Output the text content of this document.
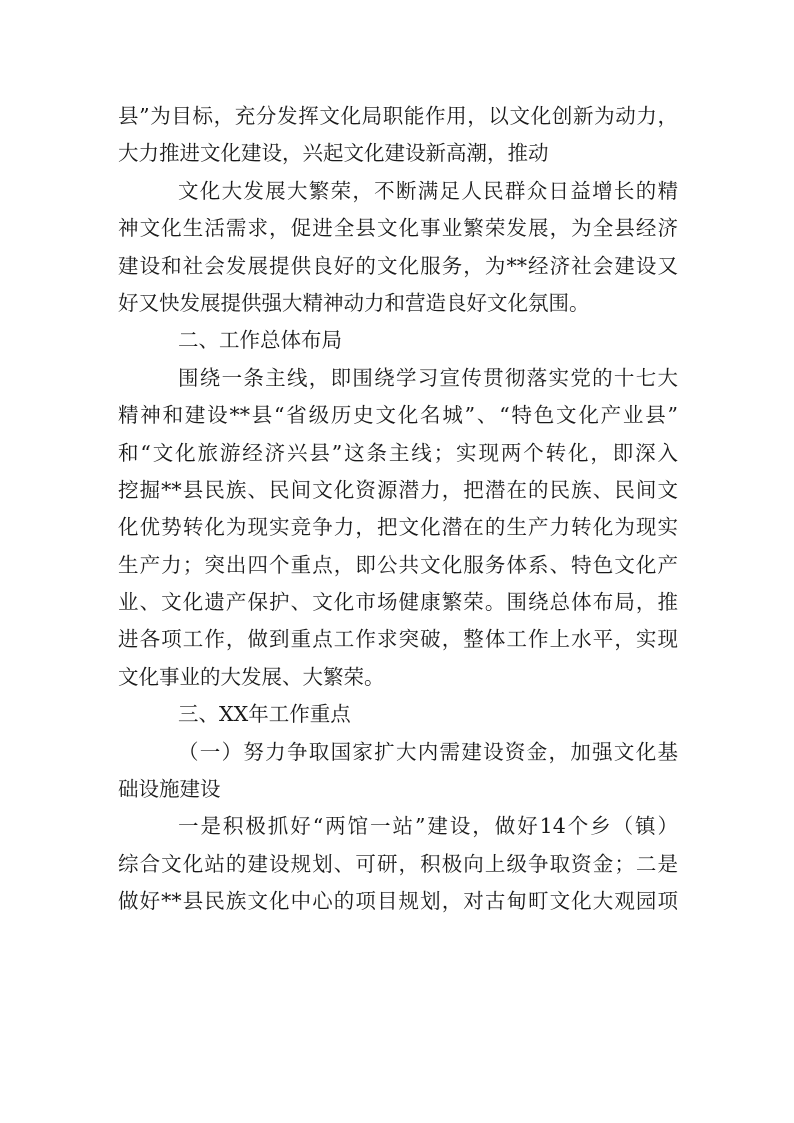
县”为目标，充分发挥文化局职能作用，以文化创新为动力，
大力推进文化建设，兴起文化建设新高潮，推动
文化大发展大繁荣，不断满足人民群众日益增长的精
神文化生活需求，促进全县文化事业繁荣发展，为全县经济
建设和社会发展提供良好的文化服务，为**经济社会建设又
好又快发展提供强大精神动力和营造良好文化氛围。
二、工作总体布局
围绕一条主线，即围绕学习宣传贯彻落实党的十七大
精神和建设**县“省级历史文化名城”、“特色文化产业县”
和“文化旅游经济兴县”这条主线；实现两个转化，即深入
挖掘**县民族、民间文化资源潜力，把潜在的民族、民间文
化优势转化为现实竞争力，把文化潜在的生产力转化为现实
生产力；突出四个重点，即公共文化服务体系、特色文化产
业、文化遗产保护、文化市场健康繁荣。围绕总体布局，推
进各项工作，做到重点工作求突破，整体工作上水平，实现
文化事业的大发展、大繁荣。
三、XX年工作重点
（一）努力争取国家扩大内需建设资金，加强文化基
础设施建设
一是积极抓好“两馆一站”建设，做好14个乡（镇）
综合文化站的建设规划、可研，积极向上级争取资金；二是
做好**县民族文化中心的项目规划，对古甸町文化大观园项
